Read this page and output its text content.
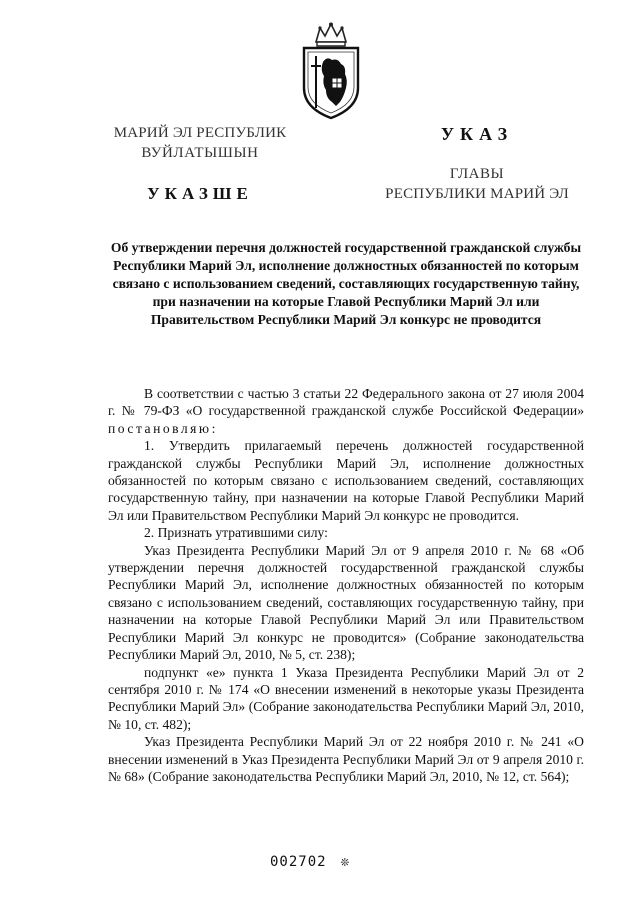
МАРИЙ ЭЛ РЕСПУБЛИК
ВУЙЛАТЫШЫН
УКАЗШЕ
УКАЗ
ГЛАВЫ
РЕСПУБЛИКИ МАРИЙ ЭЛ
Об утверждении перечня должностей государственной гражданской службы Республики Марий Эл, исполнение должностных обязанностей по которым связано с использованием сведений, составляющих государственную тайну, при назначении на которые Главой Республики Марий Эл или Правительством Республики Марий Эл конкурс не проводится

В соответствии с частью 3 статьи 22 Федерального закона от 27 июля 2004 г. № 79-ФЗ «О государственной гражданской службе Российской Федерации» постановляю:

1. Утвердить прилагаемый перечень должностей государственной гражданской службы Республики Марий Эл, исполнение должностных обязанностей по которым связано с использованием сведений, составляющих государственную тайну, при назначении на которые Главой Республики Марий Эл или Правительством Республики Марий Эл конкурс не проводится.

2. Признать утратившими силу:

Указ Президента Республики Марий Эл от 9 апреля 2010 г. № 68 «Об утверждении перечня должностей государственной гражданской службы Республики Марий Эл, исполнение должностных обязанностей по которым связано с использованием сведений, составляющих государственную тайну, при назначении на которые Главой Республики Марий Эл или Правительством Республики Марий Эл конкурс не проводится» (Собрание законодательства Республики Марий Эл, 2010, № 5, ст. 238);

подпункт «е» пункта 1 Указа Президента Республики Марий Эл от 2 сентября 2010 г. № 174 «О внесении изменений в некоторые указы Президента Республики Марий Эл» (Собрание законодательства Республики Марий Эл, 2010, № 10, ст. 482);

Указ Президента Республики Марий Эл от 22 ноября 2010 г. № 241 «О внесении изменений в Указ Президента Республики Марий Эл от 9 апреля 2010 г. № 68» (Собрание законодательства Республики Марий Эл, 2010, № 12, ст. 564);

002702 ❊
